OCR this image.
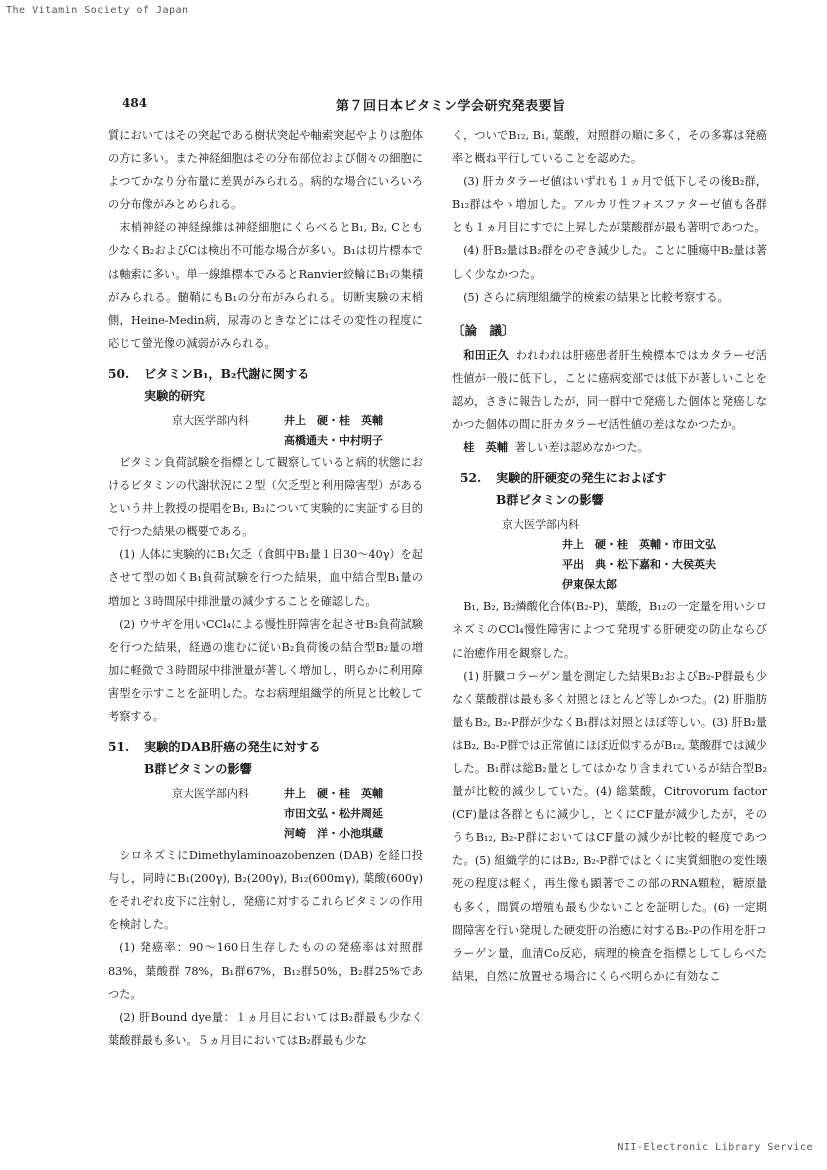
The Vitamin Society of Japan
NII-Electronic Library Service
484	第７回日本ビタミン学会研究発表要旨

質においてはその突起である樹状突起や軸索突起やよりは胞体の方に多い。また神経細胞はその分布部位および個々の細胞によつてかなり分布量に差異がみられる。病的な場合にいろいろの分布像がみとめられる。

末梢神経の神経線維は神経細胞にくらべるとB₁, B₂, Cとも少なくB₂およびCは検出不可能な場合が多い。B₁は切片標本では軸索に多い。単一線維標本でみるとRanvier絞輪にB₁の集積がみられる。髄鞘にもB₁の分布がみられる。切断実験の末梢側，Heine-Medin病，尿毒のときなどにはその変性の程度に応じて螢光像の減弱がみられる。

50. ビタミンB₁，B₂代謝に関する
実験的研究
京大医学部内科	井上　硬・桂　英輔
高橋通夫・中村明子

ビタミン負荷試験を指標として観察していると病的状態におけるビタミンの代謝状況に２型（欠乏型と利用障害型）があるという井上教授の提唱をB₁, B₂について実験的に実証する目的で行つた結果の概要である。

(1) 人体に実験的にB₁欠乏（食餌中B₁量１日30〜40γ）を起させて型の如くB₁負荷試験を行つた結果，血中結合型B₁量の増加と３時間尿中排泄量の減少することを確認した。

(2) ウサギを用いCCl₄による慢性肝障害を起させB₂負荷試験を行つた結果，経過の進むに従いB₂負荷後の結合型B₂量の増加に軽微で３時間尿中排泄量が著しく増加し，明らかに利用障害型を示すことを証明した。なお病理組織学的所見と比較して考察する。

51. 実験的DAB肝癌の発生に対する
B群ビタミンの影響
京大医学部内科	井上　硬・桂　英輔
市田文弘・松井周延
河崎　洋・小池琪蔵

シロネズミにDimethylaminoazobenzen (DAB) を経口投与し，同時にB₁(200γ), B₂(200γ), B₁₂(600mγ), 葉酸(600γ)をそれぞれ皮下に注射し，発癌に対するこれらビタミンの作用を検討した。

(1) 発癌率：90〜160日生存したものの発癌率は対照群83%，葉酸群 78%，B₁群67%，B₁₂群50%，B₂群25%であつた。

(2) 肝Bound dye量：１ヵ月目においてはB₂群最も少なく葉酸群最も多い。５ヵ月目においてはB₂群最も少な

く，ついでB₁₂, B₁, 葉酸，対照群の順に多く，その多寡は発癌率と概ね平行していることを認めた。

(3) 肝カタラーゼ値はいずれも１ヵ月で低下しその後B₂群，B₁₂群はやゝ増加した。アルカリ性フォスファターゼ値も各群とも１ヵ月目にすでに上昇したが葉酸群が最も著明であつた。

(4) 肝B₂量はB₂群をのぞき減少した。ことに腫瘍中B₂量は著しく少なかつた。

(5) さらに病理組織学的検索の結果と比較考察する。

〔論　議〕

和田正久 われわれは肝癌患者肝生検標本ではカタラーゼ活性値が一般に低下し，ことに癌病変部では低下が著しいことを認め，さきに報告したが，同一群中で発癌した個体と発癌しなかつた個体の間に肝カタラーゼ活性値の差はなかつたか。

桂　英輔 著しい差は認めなかつた。

52. 実験的肝硬変の発生におよぼす
B群ビタミンの影響
京大医学部内科
井上　硬・桂　英輔・市田文弘
平出　典・松下嘉和・大侯英夫
伊東保太郎

B₁, B₂, B₂燐酸化合体(B₂-P)，葉酸，B₁₂の一定量を用いシロネズミのCCl₄慢性障害によつて発現する肝硬変の防止ならびに治癒作用を観察した。

(1) 肝臓コラーゲン量を測定した結果B₂およびB₂-P群最も少なく葉酸群は最も多く対照とほとんど等しかつた。(2) 肝脂肪量もB₂, B₂-P群が少なくB₁群は対照とほぼ等しい。(3) 肝B₂量はB₂, B₂-P群では正常値にほぼ近似するがB₁₂, 葉酸群では減少した。B₁群は総B₂量としてはかなり含まれているが結合型B₂量が比較的減少していた。(4) 総葉酸，Citrovorum factor (CF)量は各群ともに減少し，とくにCF量が減少したが，そのうちB₁₂, B₂-P群においてはCF量の減少が比較的軽度であつた。(5) 組織学的にはB₂, B₂-P群ではとくに実質細胞の変性壊死の程度は軽く，再生像も顕著でこの部のRNA顆粒，糖原量も多く，間質の増殖も最も少ないことを証明した。(6) 一定期間障害を行い発現した硬変肝の治癒に対するB₂-Pの作用を肝コラーゲン量，血清Co反応，病理的検査を指標としてしらべた結果，自然に放置せる場合にくらべ明らかに有効なこ
